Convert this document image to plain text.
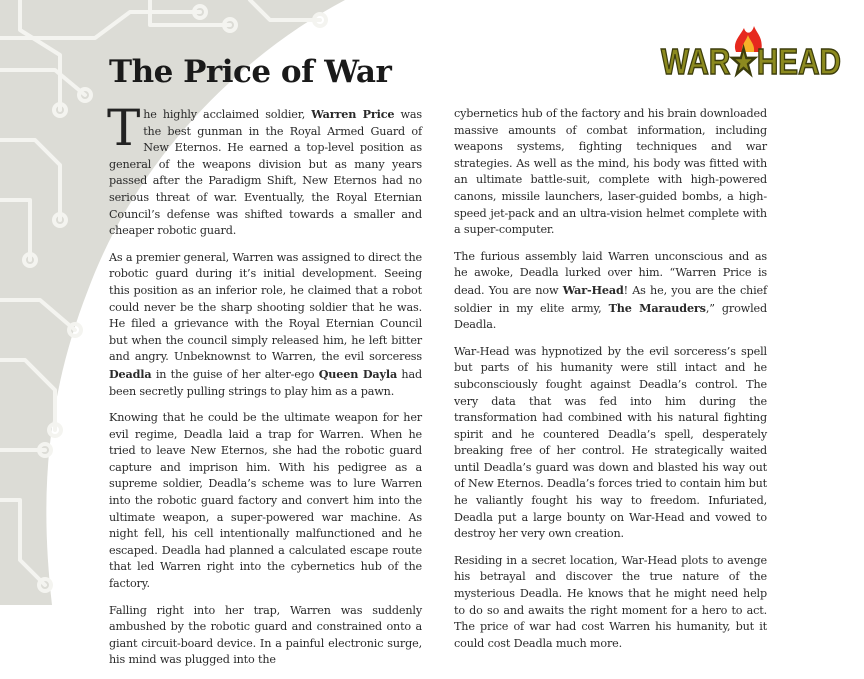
WAR★HEAD
The Price of War

The highly acclaimed soldier, Warren Price was the best gunman in the Royal Armed Guard of New Eternos. He earned a top-level position as general of the weapons division but as many years passed after the Paradigm Shift, New Eternos had no serious threat of war. Eventually, the Royal Eternian Council’s defense was shifted towards a smaller and cheaper robotic guard.

As a premier general, Warren was assigned to direct the robotic guard during it’s initial development. Seeing this position as an inferior role, he claimed that a robot could never be the sharp shooting soldier that he was. He filed a grievance with the Royal Eternian Council but when the council simply released him, he left bitter and angry. Unbeknownst to Warren, the evil sorceress Deadla in the guise of her alter-ego Queen Dayla had been secretly pulling strings to play him as a pawn.

Knowing that he could be the ultimate weapon for her evil regime, Deadla laid a trap for Warren. When he tried to leave New Eternos, she had the robotic guard capture and imprison him. With his pedigree as a supreme soldier, Deadla’s scheme was to lure Warren into the robotic guard factory and convert him into the ultimate weapon, a super-powered war machine. As night fell, his cell intentionally malfunctioned and he escaped. Deadla had planned a calculated escape route that led Warren right into the cybernetics hub of the factory.

Falling right into her trap, Warren was suddenly ambushed by the robotic guard and constrained onto a giant circuit-board device. In a painful electronic surge, his mind was plugged into the

cybernetics hub of the factory and his brain downloaded massive amounts of combat information, including weapons systems, fighting techniques and war strategies. As well as the mind, his body was fitted with an ultimate battle-suit, complete with high-powered canons, missile launchers, laser-guided bombs, a high-speed jet-pack and an ultra-vision helmet complete with a super-computer.

The furious assembly laid Warren unconscious and as he awoke, Deadla lurked over him. “Warren Price is dead. You are now War-Head! As he, you are the chief soldier in my elite army, The Marauders,” growled Deadla.

War-Head was hypnotized by the evil sorceress’s spell but parts of his humanity were still intact and he subconsciously fought against Deadla’s control. The very data that was fed into him during the transformation had combined with his natural fighting spirit and he countered Deadla’s spell, desperately breaking free of her control. He strategically waited until Deadla’s guard was down and blasted his way out of New Eternos. Deadla’s forces tried to contain him but he valiantly fought his way to freedom. Infuriated, Deadla put a large bounty on War-Head and vowed to destroy her very own creation.

Residing in a secret location, War-Head plots to avenge his betrayal and discover the true nature of the mysterious Deadla. He knows that he might need help to do so and awaits the right moment for a hero to act. The price of war had cost Warren his humanity, but it could cost Deadla much more.
